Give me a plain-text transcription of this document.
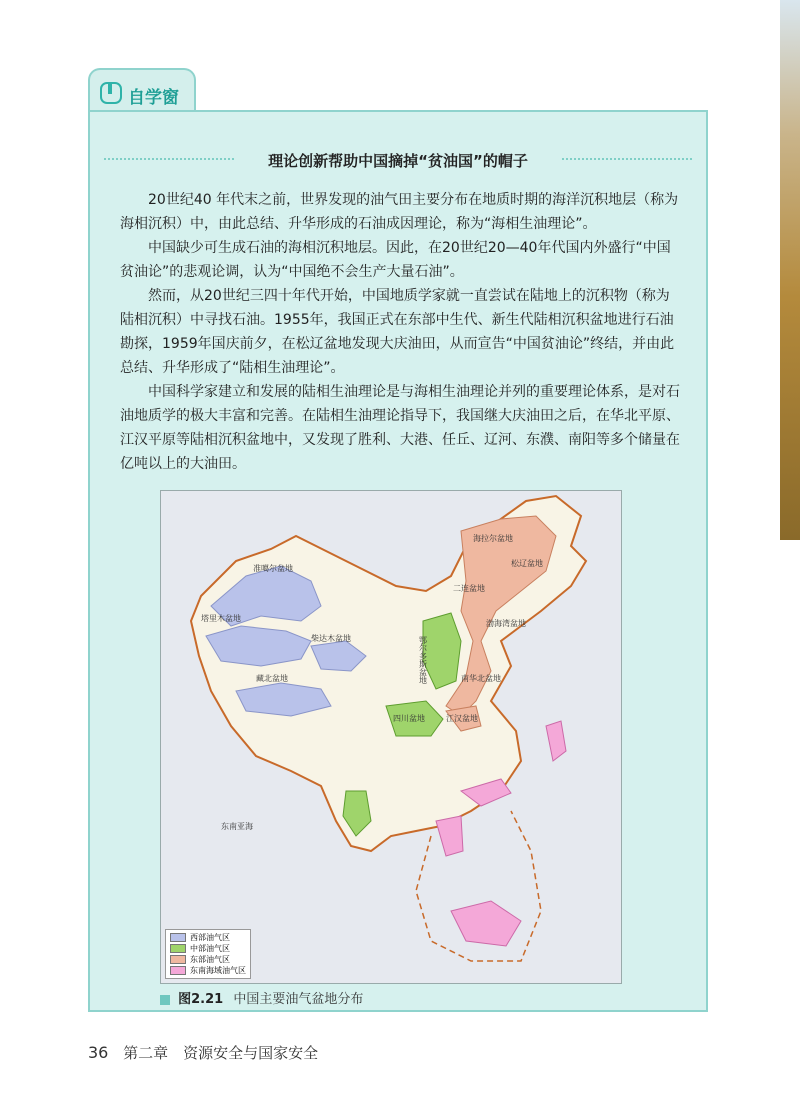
自学窗
理论创新帮助中国摘掉“贫油国”的帽子

20世纪40 年代末之前，世界发现的油气田主要分布在地质时期的海洋沉积地层（称为海相沉积）中，由此总结、升华形成的石油成因理论，称为“海相生油理论”。

中国缺少可生成石油的海相沉积地层。因此，在20世纪20—40年代国内外盛行“中国贫油论”的悲观论调，认为“中国绝不会生产大量石油”。

然而，从20世纪三四十年代开始，中国地质学家就一直尝试在陆地上的沉积物（称为陆相沉积）中寻找石油。1955年，我国正式在东部中生代、新生代陆相沉积盆地进行石油勘探，1959年国庆前夕，在松辽盆地发现大庆油田，从而宣告“中国贫油论”终结，并由此总结、升华形成了“陆相生油理论”。

中国科学家建立和发展的陆相生油理论是与海相生油理论并列的重要理论体系，是对石油地质学的极大丰富和完善。在陆相生油理论指导下，我国继大庆油田之后，在华北平原、江汉平原等陆相沉积盆地中，又发现了胜利、大港、任丘、辽河、东濮、南阳等多个储量在亿吨以上的大油田。

准噶尔盆地
塔里木盆地
柴达木盆地
藏北盆地
海拉尔盆地
二连盆地
松辽盆地
鄂尔多斯盆地
渤海湾盆地
南华北盆地
四川盆地	江汉盆地
东南亚海
西部油气区
中部油气区
东部油气区
东南海域油气区
图2.21 中国主要油气盆地分布
36 第二章　资源安全与国家安全
